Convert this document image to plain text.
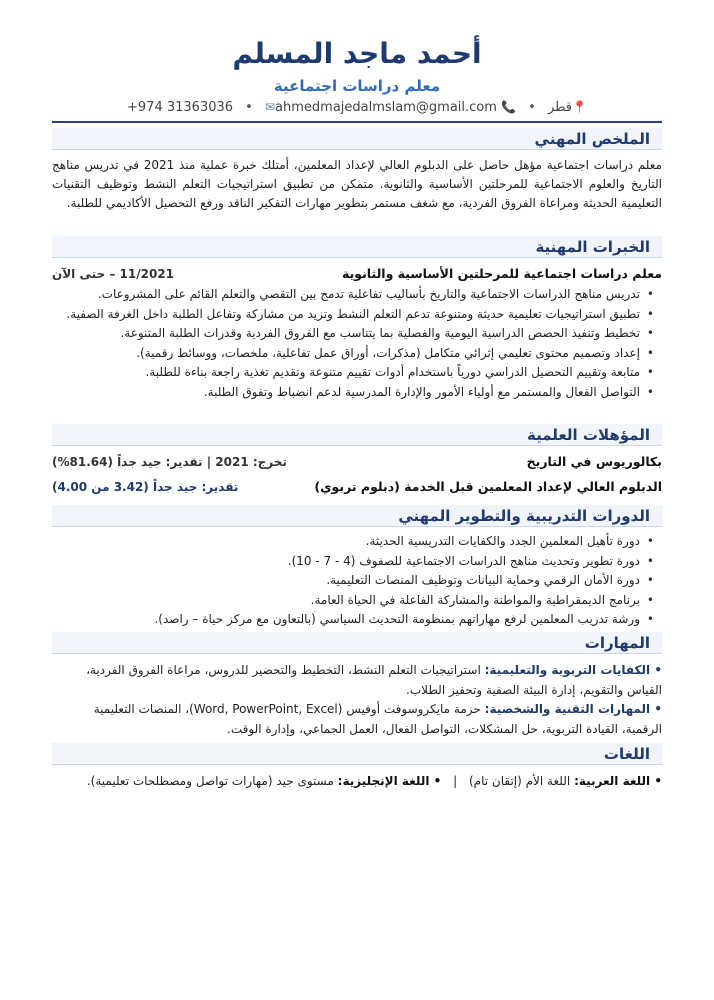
أحمد ماجد المسلم
معلم دراسات اجتماعية
📍قطر • 📞 +974 31363036 • ✉ahmedmajedalmslam@gmail.com
الملخص المهني
معلم دراسات اجتماعية مؤهل حاصل على الدبلوم العالي لإعداد المعلمين، أمتلك خبرة عملية منذ 2021 في تدريس مناهج التاريخ والعلوم الاجتماعية للمرحلتين الأساسية والثانوية. متمكن من تطبيق استراتيجيات التعلم النشط وتوظيف التقنيات التعليمية الحديثة ومراعاة الفروق الفردية، مع شغف مستمر بتطوير مهارات التفكير الناقد ورفع التحصيل الأكاديمي للطلبة.
الخبرات المهنية
معلم دراسات اجتماعية للمرحلتين الأساسية والثانوية
11/2021 – حتى الآن
• تدريس مناهج الدراسات الاجتماعية والتاريخ بأساليب تفاعلية تدمج بين التقصي والتعلم القائم على المشروعات.
• تطبيق استراتيجيات تعليمية حديثة ومتنوعة تدعم التعلم النشط وتزيد من مشاركة وتفاعل الطلبة داخل الغرفة الصفية.
• تخطيط وتنفيذ الحصص الدراسية اليومية والفصلية بما يتناسب مع الفروق الفردية وقدرات الطلبة المتنوعة.
• إعداد وتصميم محتوى تعليمي إثرائي متكامل (مذكرات، أوراق عمل تفاعلية، ملخصات، ووسائط رقمية).
• متابعة وتقييم التحصيل الدراسي دورياً باستخدام أدوات تقييم متنوعة وتقديم تغذية راجعة بناءة للطلبة.
• التواصل الفعال والمستمر مع أولياء الأمور والإدارة المدرسية لدعم انضباط وتفوق الطلبة.
المؤهلات العلمية
بكالوريوس في التاريخ
تخرج: 2021 | تقدير: جيد جداً (81.64%)
الدبلوم العالي لإعداد المعلمين قبل الخدمة (دبلوم تربوي)
تقدير: جيد جداً (3.42 من 4.00)
الدورات التدريبية والتطوير المهني
• دورة تأهيل المعلمين الجدد والكفايات التدريسية الحديثة.
• دورة تطوير وتحديث مناهج الدراسات الاجتماعية للصفوف (4 - 7 - 10).
• دورة الأمان الرقمي وحماية البيانات وتوظيف المنصات التعليمية.
• برنامج الديمقراطية والمواطنة والمشاركة الفاعلة في الحياة العامة.
• ورشة تدريب المعلمين لرفع مهاراتهم بمنظومة التحديث السياسي (بالتعاون مع مركز حياة – راصد).
المهارات
• الكفايات التربوية والتعليمية: استراتيجيات التعلم النشط، التخطيط والتحضير للدروس، مراعاة الفروق الفردية، القياس والتقويم، إدارة البيئة الصفية وتحفيز الطلاب.
• المهارات التقنية والشخصية: حزمة مايكروسوفت أوفيس (Word, PowerPoint, Excel)، المنصات التعليمية الرقمية، القيادة التربوية، حل المشكلات، التواصل الفعال، العمل الجماعي، وإدارة الوقت.
اللغات
• اللغة العربية: اللغة الأم (إتقان تام) | • اللغة الإنجليزية: مستوى جيد (مهارات تواصل ومصطلحات تعليمية).
